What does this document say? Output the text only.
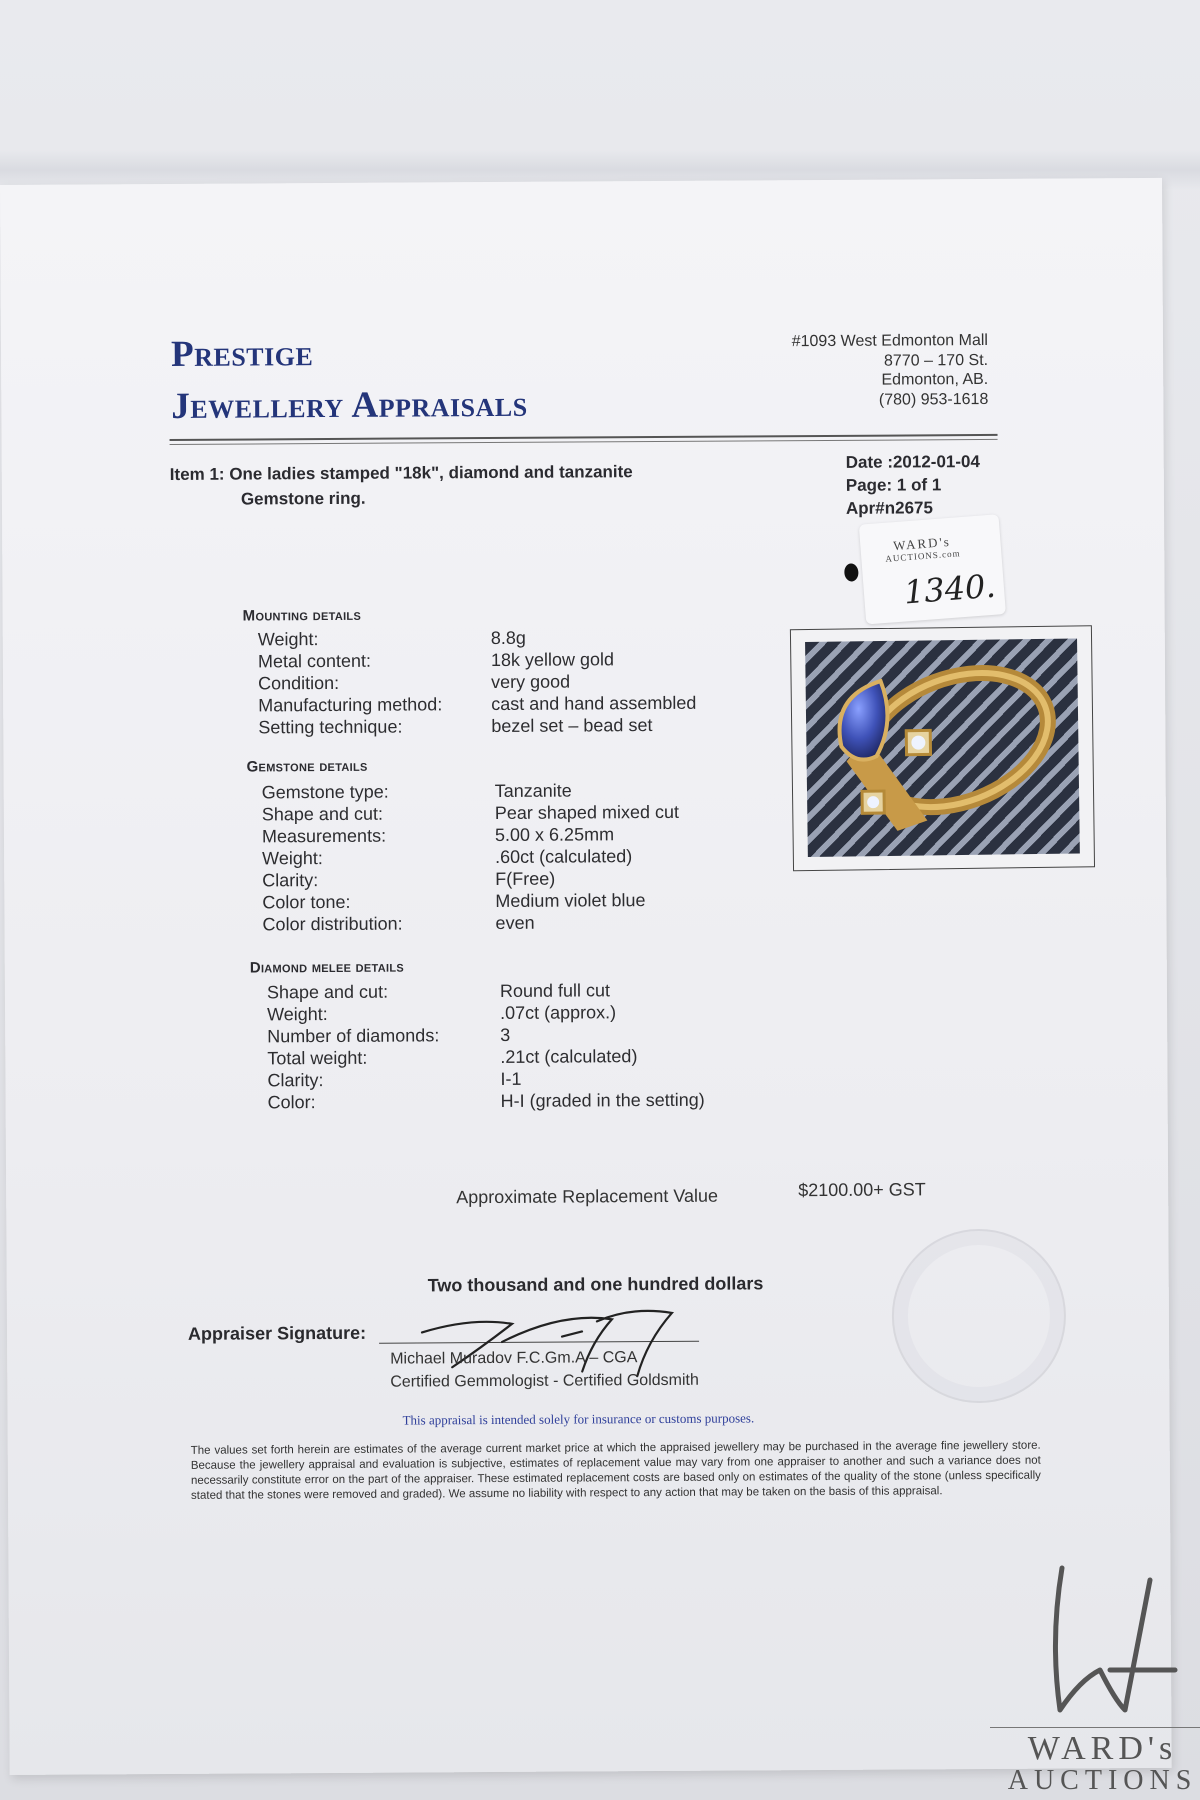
Prestige
Jewellery Appraisals
#1093 West Edmonton Mall
8770 – 170 St.
Edmonton, AB.
(780) 953-1618
Item 1: One ladies stamped "18k", diamond and tanzanite
Gemstone ring.
Date :2012-01-04
Page: 1 of 1
Apr#n2675
WARD's
AUCTIONS.com
1340.
Mounting details
Weight:	8.8g
Metal content:	18k yellow gold
Condition:	very good
Manufacturing method:	cast and hand assembled
Setting technique:	bezel set – bead set
Gemstone details
Gemstone type:	Tanzanite
Shape and cut:	Pear shaped mixed cut
Measurements:	5.00 x 6.25mm
Weight:	.60ct (calculated)
Clarity:	F(Free)
Color tone:	Medium violet blue
Color distribution:	even
Diamond melee details
Shape and cut:	Round full cut
Weight:	.07ct (approx.)
Number of diamonds:	3
Total weight:	.21ct (calculated)
Clarity:	I-1
Color:	H-I (graded in the setting)
Approximate Replacement Value	$2100.00+ GST
Two thousand and one hundred dollars
Appraiser Signature:
Michael Muradov F.C.Gm.A – CGA
Certified Gemmologist - Certified Goldsmith
This appraisal is intended solely for insurance or customs purposes.
The values set forth herein are estimates of the average current market price at which the appraised jewellery may be purchased in the average fine jewellery store. Because the jewellery appraisal and evaluation is subjective, estimates of replacement value may vary from one appraiser to another and such a variance does not necessarily constitute error on the part of the appraiser. These estimated replacement costs are based only on estimates of the quality of the stone (unless specifically stated that the stones were removed and graded). We assume no liability with respect to any action that may be taken on the basis of this appraisal.
WARD's
AUCTIONS
